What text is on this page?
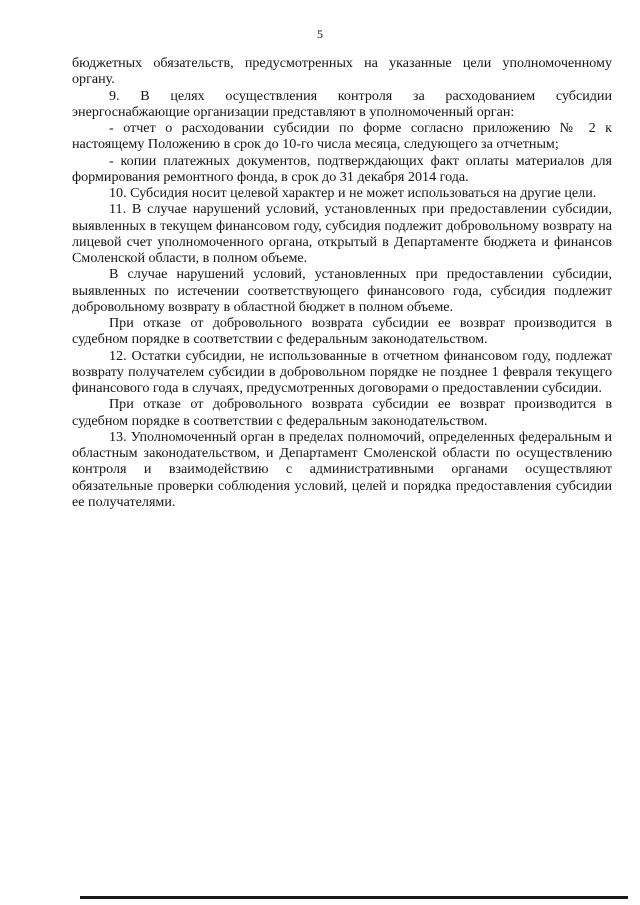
5

бюджетных обязательств, предусмотренных на указанные цели уполномоченному органу.

9. В целях осуществления контроля за расходованием субсидии энергоснабжающие организации представляют в уполномоченный орган:

- отчет о расходовании субсидии по форме согласно приложению № 2 к настоящему Положению в срок до 10-го числа месяца, следующего за отчетным;

- копии платежных документов, подтверждающих факт оплаты материалов для формирования ремонтного фонда, в срок до 31 декабря 2014 года.

10. Субсидия носит целевой характер и не может использоваться на другие цели.

11. В случае нарушений условий, установленных при предоставлении субсидии, выявленных в текущем финансовом году, субсидия подлежит добровольному возврату на лицевой счет уполномоченного органа, открытый в Департаменте бюджета и финансов Смоленской области, в полном объеме.

В случае нарушений условий, установленных при предоставлении субсидии, выявленных по истечении соответствующего финансового года, субсидия подлежит добровольному возврату в областной бюджет в полном объеме.

При отказе от добровольного возврата субсидии ее возврат производится в судебном порядке в соответствии с федеральным законодательством.

12. Остатки субсидии, не использованные в отчетном финансовом году, подлежат возврату получателем субсидии в добровольном порядке не позднее 1 февраля текущего финансового года в случаях, предусмотренных договорами о предоставлении субсидии.

При отказе от добровольного возврата субсидии ее возврат производится в судебном порядке в соответствии с федеральным законодательством.

13. Уполномоченный орган в пределах полномочий, определенных федеральным и областным законодательством, и Департамент Смоленской области по осуществлению контроля и взаимодействию с административными органами осуществляют обязательные проверки соблюдения условий, целей и порядка предоставления субсидии ее получателями.
